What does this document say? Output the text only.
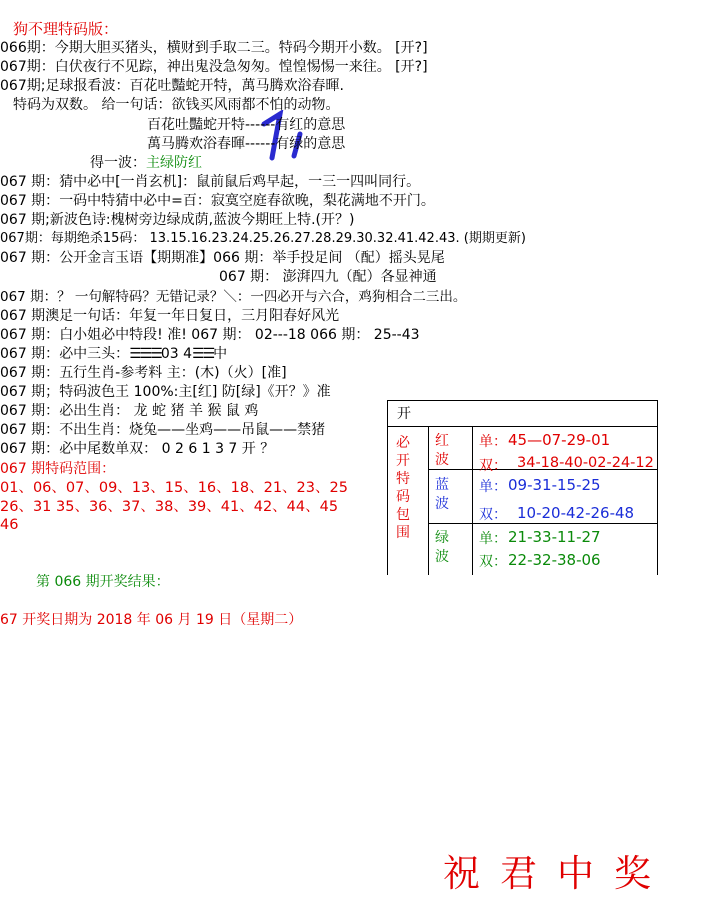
狗不理特码版：
066期：今期大胆买猪头，横财到手取二三。特码今期开小数。 [开?]
067期：白伏夜行不见踪，神出鬼没急匆匆。惶惶惕惕一来往。 [开?]
067期;足球报看波：百花吐豔蛇开特，萬马腾欢浴春暉.
特码为双数。 给一句话：欲钱买风雨都不怕的动物。
百花吐豔蛇开特------有红的意思
萬马腾欢浴春暉------有绿的意思
得一波：主绿防红
067 期：猜中必中[一肖玄机]：鼠前鼠后鸡早起，一三一四叫同行。
067 期：一码中特猜中必中=百：寂寞空庭春欲晚，梨花满地不开门。
067 期;新波色诗:槐树旁边绿成荫,蓝波今期旺上特.(开？)
067期：每期绝杀15码： 13.15.16.23.24.25.26.27.28.29.30.32.41.42.43. (期期更新)
067 期：公开金言玉语【期期准】066 期：举手投足间 （配）摇头晃尾
067 期： 澎湃四九（配）各显神通
067 期：？ 一句解特码？无错记录？＼：一四必开与六合，鸡狗相合二三出。
067 期澳足一句话：年复一年日复日，三月阳春好风光
067 期：白小姐必中特段! 准! 067 期： 02---18 066 期： 25--43
067 期：必中三头：☰☰☰03 4☰☰中
067 期：五行生肖-参考料 主：(木)（火）[准]
067 期；特码波色王 100%:主[红] 防[绿]《开？》准
067 期：必出生肖： 龙 蛇 猪 羊 猴 鼠 鸡
067 期：不出生肖：烧兔——坐鸡——吊鼠——禁猪
067 期：必中尾数单双： 0 2 6 1 3 7 开 ？
067 期特码范围：
01、06、07、09、13、15、16、18、21、23、25
26、31 35、36、37、38、39、41、42、44、45
46
第 066 期开奖结果：
67 开奖日期为 2018 年 06 月 19 日（星期二）
开
必
开
特
码
包
围
红
波
单： 45—07-29-01
双： 34-18-40-02-24-12
蓝
波
单： 09-31-15-25
双： 10-20-42-26-48
绿
波
单： 21-33-11-27
双： 22-32-38-06
祝君中奖
